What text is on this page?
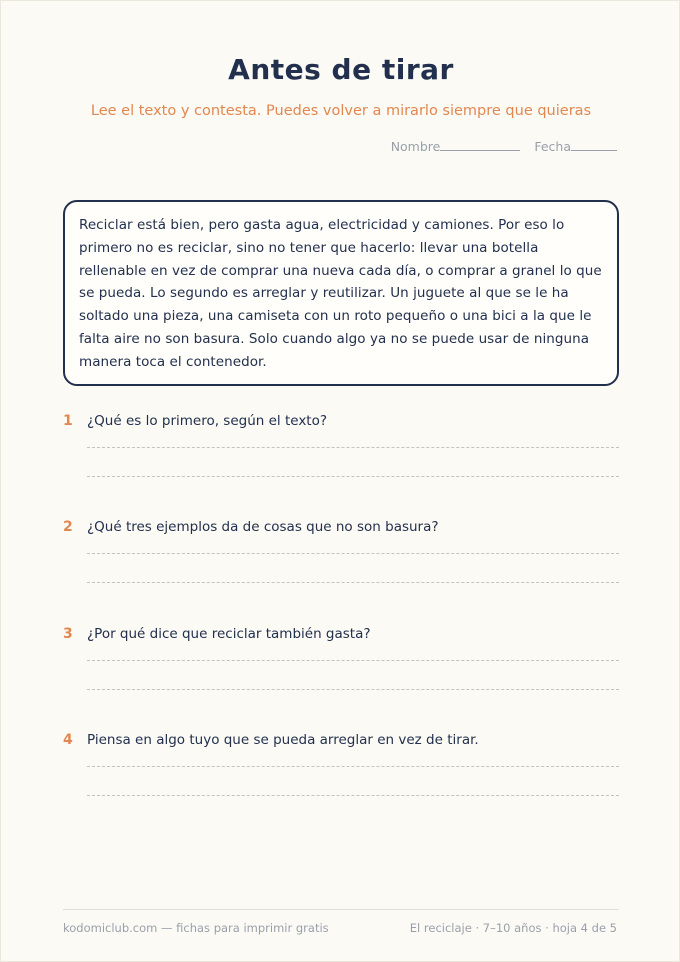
Antes de tirar
Lee el texto y contesta. Puedes volver a mirarlo siempre que quieras
Nombre	Fecha

Reciclar está bien, pero gasta agua, electricidad y camiones. Por eso lo primero no es reciclar, sino no tener que hacerlo: llevar una botella rellenable en vez de comprar una nueva cada día, o comprar a granel lo que se pueda. Lo segundo es arreglar y reutilizar. Un juguete al que se le ha soltado una pieza, una camiseta con un roto pequeño o una bici a la que le falta aire no son basura. Solo cuando algo ya no se puede usar de ninguna manera toca el contenedor.

1	¿Qué es lo primero, según el texto?
2	¿Qué tres ejemplos da de cosas que no son basura?
3	¿Por qué dice que reciclar también gasta?
4	Piensa en algo tuyo que se pueda arreglar en vez de tirar.
kodomiclub.com — fichas para imprimir gratis	El reciclaje · 7–10 años · hoja 4 de 5
